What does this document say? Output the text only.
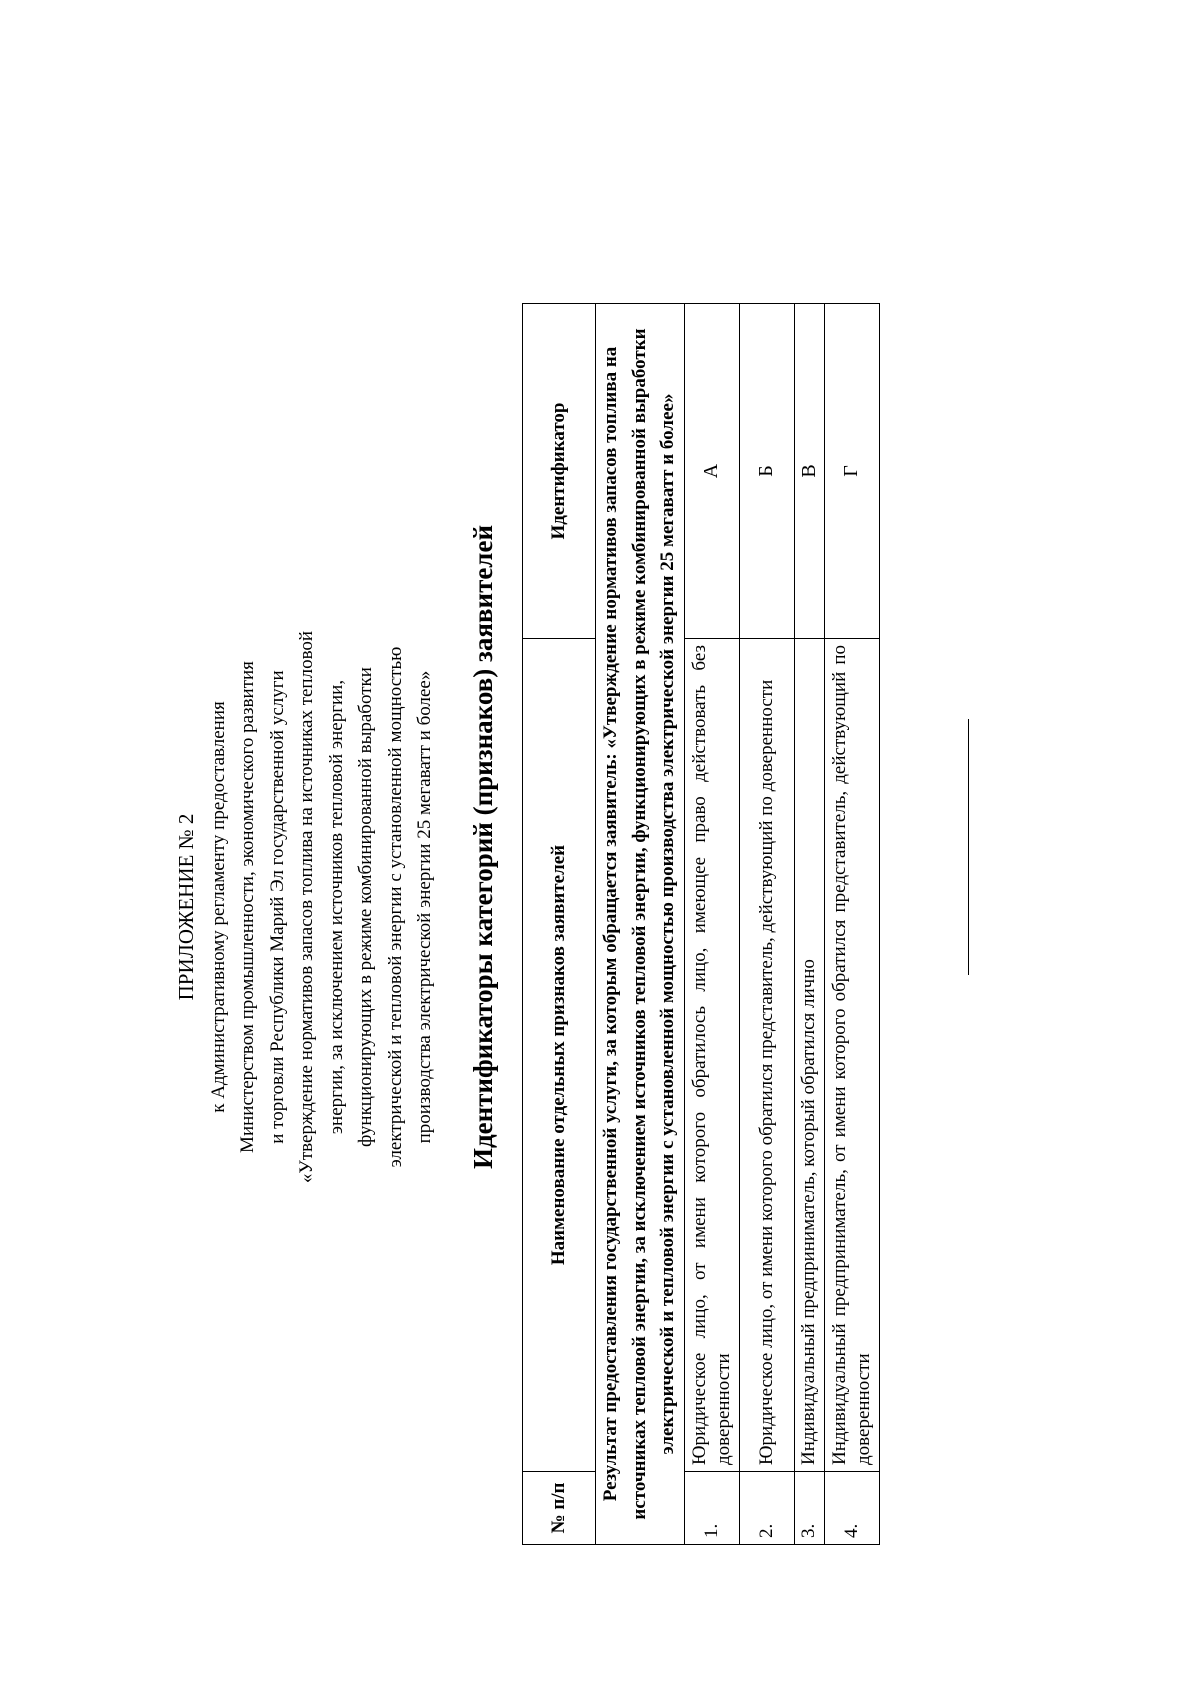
ПРИЛОЖЕНИЕ № 2 к Административному регламенту предоставления Министерством промышленности, экономического развития и торговли Республики Марий Эл государственной услуги «Утверждение нормативов запасов топлива на источниках тепловой энергии, за исключением источников тепловой энергии, функционирующих в режиме комбинированной выработки электрической и тепловой энергии с установленной мощностью производства электрической энергии 25 мегаватт и более» Идентификаторы категорий (признаков) заявителей
№ п/п	Наименование отдельных признаков заявителей	Идентификатор
Результат предоставления государственной услуги, за которым обращается заявитель: «Утверждение нормативов запасов топлива на источниках тепловой энергии, за исключением источников тепловой энергии, функционирующих в режиме комбинированной выработки электрической и тепловой энергии с установленной мощностью производства электрической энергии 25 мегаватт и более»		
1.	Юридическое лицо, от имени которого обратилось лицо, имеющее право действовать без доверенности	А
2.	Юридическое лицо, от имени которого обратился представитель, действующий по доверенности	Б
3.	Индивидуальный предприниматель, который обратился лично	В
4.	Индивидуальный предприниматель, от имени которого обратился представитель, действующий по доверенности	Г
